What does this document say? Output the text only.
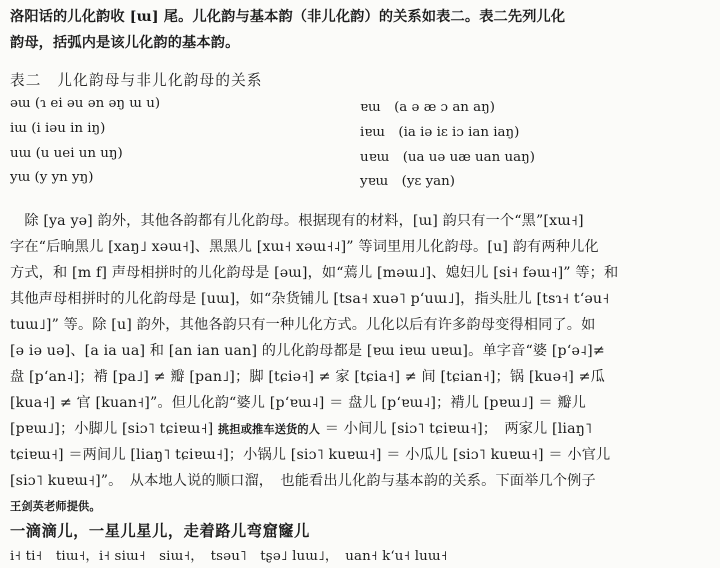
洛阳话的儿化韵收 [ɯ] 尾。儿化韵与基本韵（非儿化韵）的关系如表二。表二先列儿化
韵母，括弧内是该儿化韵的基本韵。
表二　儿化韵母与非儿化韵母的关系
əɯ (ɿ ei əu ən əŋ ɯ u)	ɐɯ　(a ə æ ɔ an aŋ)
iɯ (i iəu in iŋ)	iɐɯ　(ia iə iɛ iɔ ian iaŋ)
uɯ (u uei un uŋ)	uɐɯ　(ua uə uæ uan uaŋ)
yɯ (y yn yŋ)	yɐɯ　(yɛ yan)
　除 [ya yə] 韵外，其他各韵都有儿化韵母。根据现有的材料，[ɯ] 韵只有一个“黑”[xɯ˧]
字在“后晌黑儿 [xaŋ˩ xəɯ˧]、黑黑儿 [xɯ˧ xəɯ˧˨]” 等词里用儿化韵母。[u] 韵有两种儿化
方式，和 [m f] 声母相拼时的儿化韵母是 [əɯ]，如“蔫儿 [məɯ˩]、媳妇儿 [si˧ fəɯ˧]” 等；和
其他声母相拼时的儿化韵母是 [uɯ]，如“杂货铺儿 [tsa˧ xuə˥ pʻuɯ˩]，指头肚儿 [tsɿ˧ tʻəu˧
tuɯ˩]” 等。除 [u] 韵外，其他各韵只有一种儿化方式。儿化以后有许多韵母变得相同了。如
[ə iə uə]、[a ia ua] 和 [an ian uan] 的儿化韵母都是 [ɐɯ iɐɯ uɐɯ]。单字音“婆 [pʻə˨]≠
盘 [pʻan˨]；褙 [pa˩] ≠ 瓣 [pan˩]；脚 [tɕiə˧] ≠ 家 [tɕia˧] ≠ 间 [tɕian˧]；锅 [kuə˧] ≠瓜
[kua˧] ≠ 官 [kuan˧]”。但儿化韵“婆儿 [pʻɐɯ˨] ＝ 盘儿 [pʻɐɯ˨]；褙儿 [pɐɯ˩] ＝ 瓣儿
[pɐɯ˩]；小脚儿 [siɔ˥ tɕiɐɯ˧] 挑担或推车送货的人 ＝ 小间儿 [siɔ˥ tɕiɐɯ˧]；　两家儿 [liaŋ˥
tɕiɐɯ˧] ＝两间儿 [liaŋ˥ tɕiɐɯ˧]；小锅儿 [siɔ˥ kuɐɯ˧] ＝ 小瓜儿 [siɔ˥ kuɐɯ˧] ＝ 小官儿
[siɔ˥ kuɐɯ˧]”。　从本地人说的顺口溜，　也能看出儿化韵与基本韵的关系。下面举几个例子
王剑英老师提供。
一滴滴儿，一星儿星儿，走着路儿弯窟窿儿
i˧ ti˧　tiɯ˧，i˧ siɯ˧　siɯ˧，　tsəu˥　tʂə˩ luɯ˩，　uan˧ kʻu˧ luɯ˧
